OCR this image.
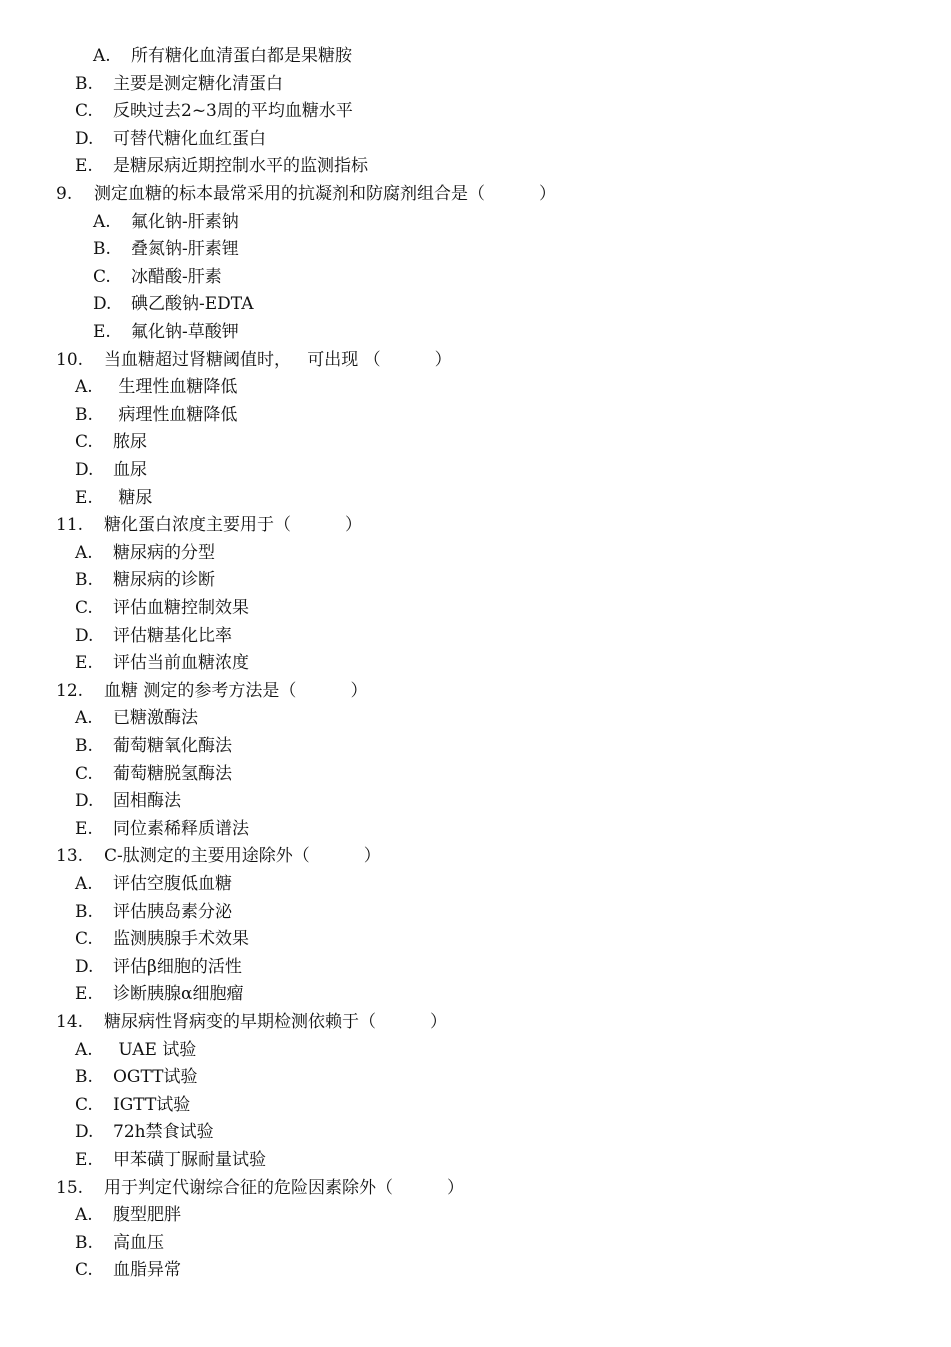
A. 所有糖化血清蛋白都是果糖胺
B. 主要是测定糖化清蛋白
C. 反映过去2~3周的平均血糖水平
D. 可替代糖化血红蛋白
E. 是糖尿病近期控制水平的监测指标
9. 测定血糖的标本最常采用的抗凝剂和防腐剂组合是（          ）
A. 氟化钠-肝素钠
B. 叠氮钠-肝素锂
C. 冰醋酸-肝素
D. 碘乙酸钠-EDTA
E. 氟化钠-草酸钾
10. 当血糖超过肾糖阈值时，   可出现 （          ）
A. 生理性血糖降低
B. 病理性血糖降低
C. 脓尿
D. 血尿
E. 糖尿
11. 糖化蛋白浓度主要用于（          ）
A. 糖尿病的分型
B. 糖尿病的诊断
C. 评估血糖控制效果
D. 评估糖基化比率
E. 评估当前血糖浓度
12. 血糖 测定的参考方法是（          ）
A. 已糖激酶法
B. 葡萄糖氧化酶法
C. 葡萄糖脱氢酶法
D. 固相酶法
E. 同位素稀释质谱法
13. C-肽测定的主要用途除外（          ）
A. 评估空腹低血糖
B. 评估胰岛素分泌
C. 监测胰腺手术效果
D. 评估β细胞的活性
E. 诊断胰腺α细胞瘤
14. 糖尿病性肾病变的早期检测依赖于（          ）
A. UAE 试验
B. OGTT试验
C. IGTT试验
D. 72h禁食试验
E. 甲苯磺丁脲耐量试验
15. 用于判定代谢综合征的危险因素除外（          ）
A. 腹型肥胖
B. 高血压
C. 血脂异常
